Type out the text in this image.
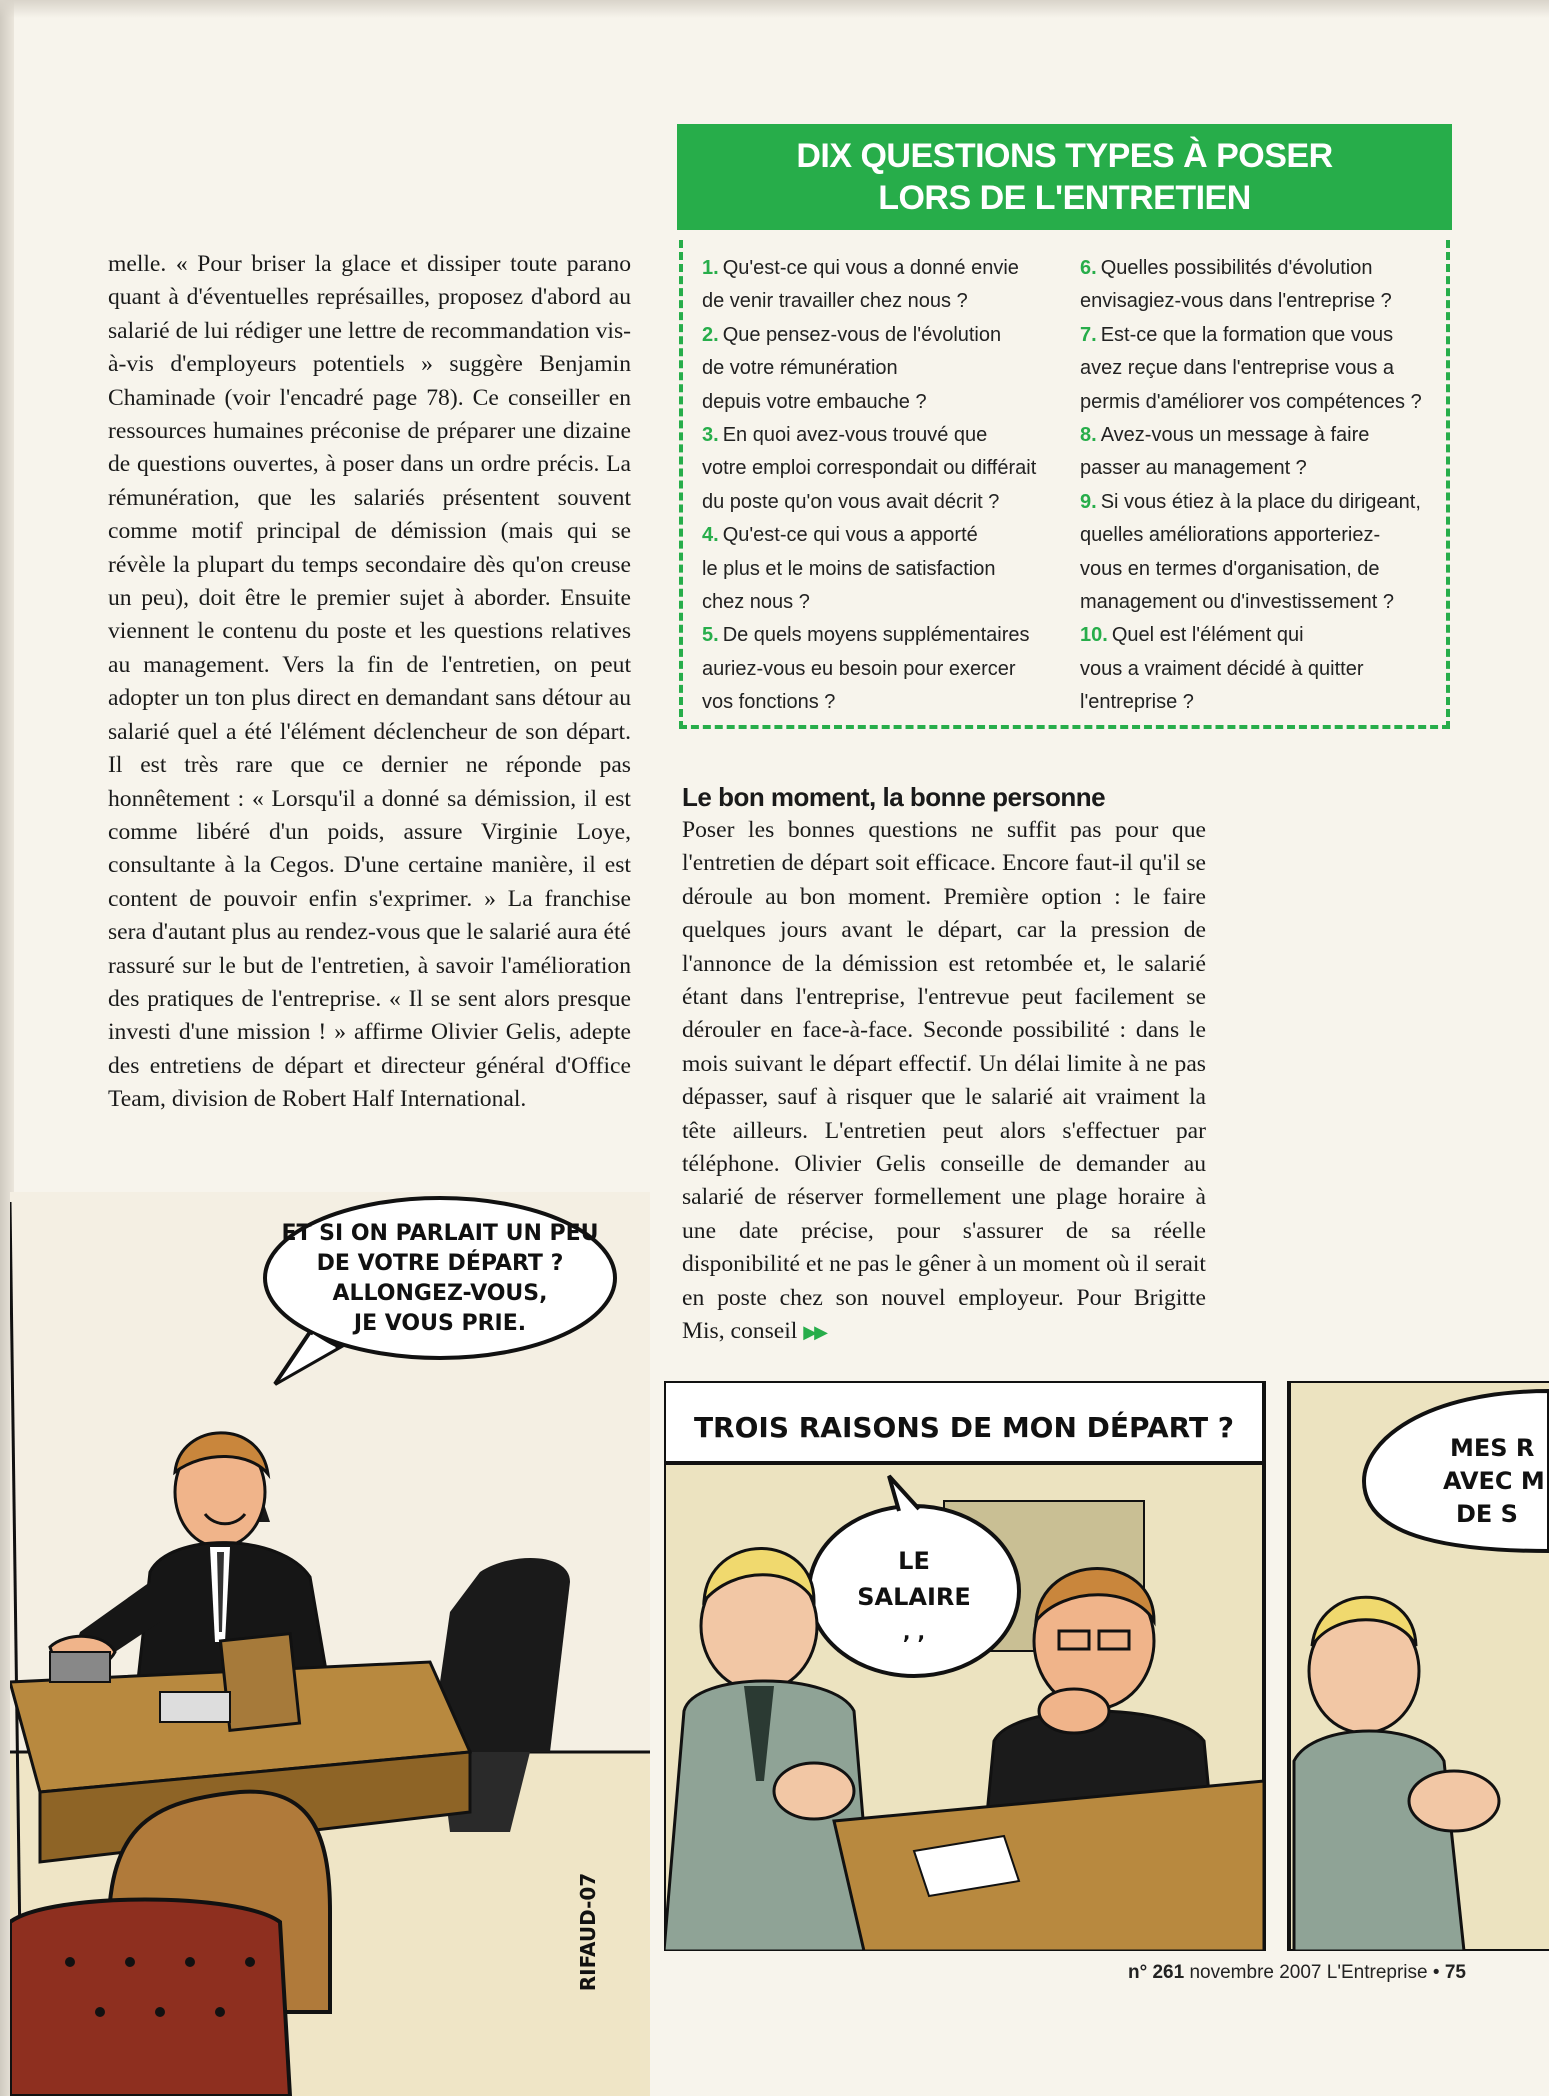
melle. « Pour briser la glace et dissiper toute parano quant à d'éventuelles représailles, proposez d'abord au salarié de lui rédiger une lettre de recommandation vis-à-vis d'employeurs potentiels » suggère Benjamin Chaminade (voir l'encadré page 78). Ce conseiller en ressources humaines préconise de préparer une dizaine de questions ouvertes, à poser dans un ordre précis. La rémunération, que les salariés présentent souvent comme motif principal de démission (mais qui se révèle la plupart du temps secondaire dès qu'on creuse un peu), doit être le premier sujet à aborder. Ensuite viennent le contenu du poste et les questions relatives au management. Vers la fin de l'entretien, on peut adopter un ton plus direct en demandant sans détour au salarié quel a été l'élément déclencheur de son départ. Il est très rare que ce dernier ne réponde pas honnêtement : « Lorsqu'il a donné sa démission, il est comme libéré d'un poids, assure Virginie Loye, consultante à la Cegos. D'une certaine manière, il est content de pouvoir enfin s'exprimer. » La franchise sera d'autant plus au rendez-vous que le salarié aura été rassuré sur le but de l'entretien, à savoir l'amélioration des pratiques de l'entreprise. « Il se sent alors presque investi d'une mission ! » affirme Olivier Gelis, adepte des entretiens de départ et directeur général d'Office Team, division de Robert Half International.

DIX QUESTIONS TYPES À POSER
LORS DE L'ENTRETIEN
1. Qu'est-ce qui vous a donné envie
de venir travailler chez nous ?
2. Que pensez-vous de l'évolution
de votre rémunération
depuis votre embauche ?
3. En quoi avez-vous trouvé que
votre emploi correspondait ou différait
du poste qu'on vous avait décrit ?
4. Qu'est-ce qui vous a apporté
le plus et le moins de satisfaction
chez nous ?
5. De quels moyens supplémentaires
auriez-vous eu besoin pour exercer
vos fonctions ?
6. Quelles possibilités d'évolution
envisagiez-vous dans l'entreprise ?
7. Est-ce que la formation que vous
avez reçue dans l'entreprise vous a
permis d'améliorer vos compétences ?
8. Avez-vous un message à faire
passer au management ?
9. Si vous étiez à la place du dirigeant,
quelles améliorations apporteriez-
vous en termes d'organisation, de
management ou d'investissement ?
10. Quel est l'élément qui
vous a vraiment décidé à quitter
l'entreprise ?
Le bon moment, la bonne personne

Poser les bonnes questions ne suffit pas pour que l'entretien de départ soit efficace. Encore faut-il qu'il se déroule au bon moment. Première option : le faire quelques jours avant le départ, car la pression de l'annonce de la démission est retombée et, le salarié étant dans l'entreprise, l'entrevue peut facilement se dérouler en face-à-face. Seconde possibilité : dans le mois suivant le départ effectif. Un délai limite à ne pas dépasser, sauf à risquer que le salarié ait vraiment la tête ailleurs. L'entretien peut alors s'effectuer par téléphone. Olivier Gelis conseille de demander au salarié de réserver formellement une plage horaire à une date précise, pour s'assurer de sa réelle disponibilité et ne pas le gêner à un moment où il serait en poste chez son nouvel employeur. Pour Brigitte Mis, conseil ▶▶

ET SI ON PARLAIT UN PEU
DE VOTRE DÉPART ?
ALLONGEZ-VOUS,
JE VOUS PRIE.
RIFAUD-07
TROIS RAISONS DE MON DÉPART ?
LE
SALAIRE
, ,
MES R
AVEC M
DE S
n° 261 novembre 2007 L'Entreprise • 75
